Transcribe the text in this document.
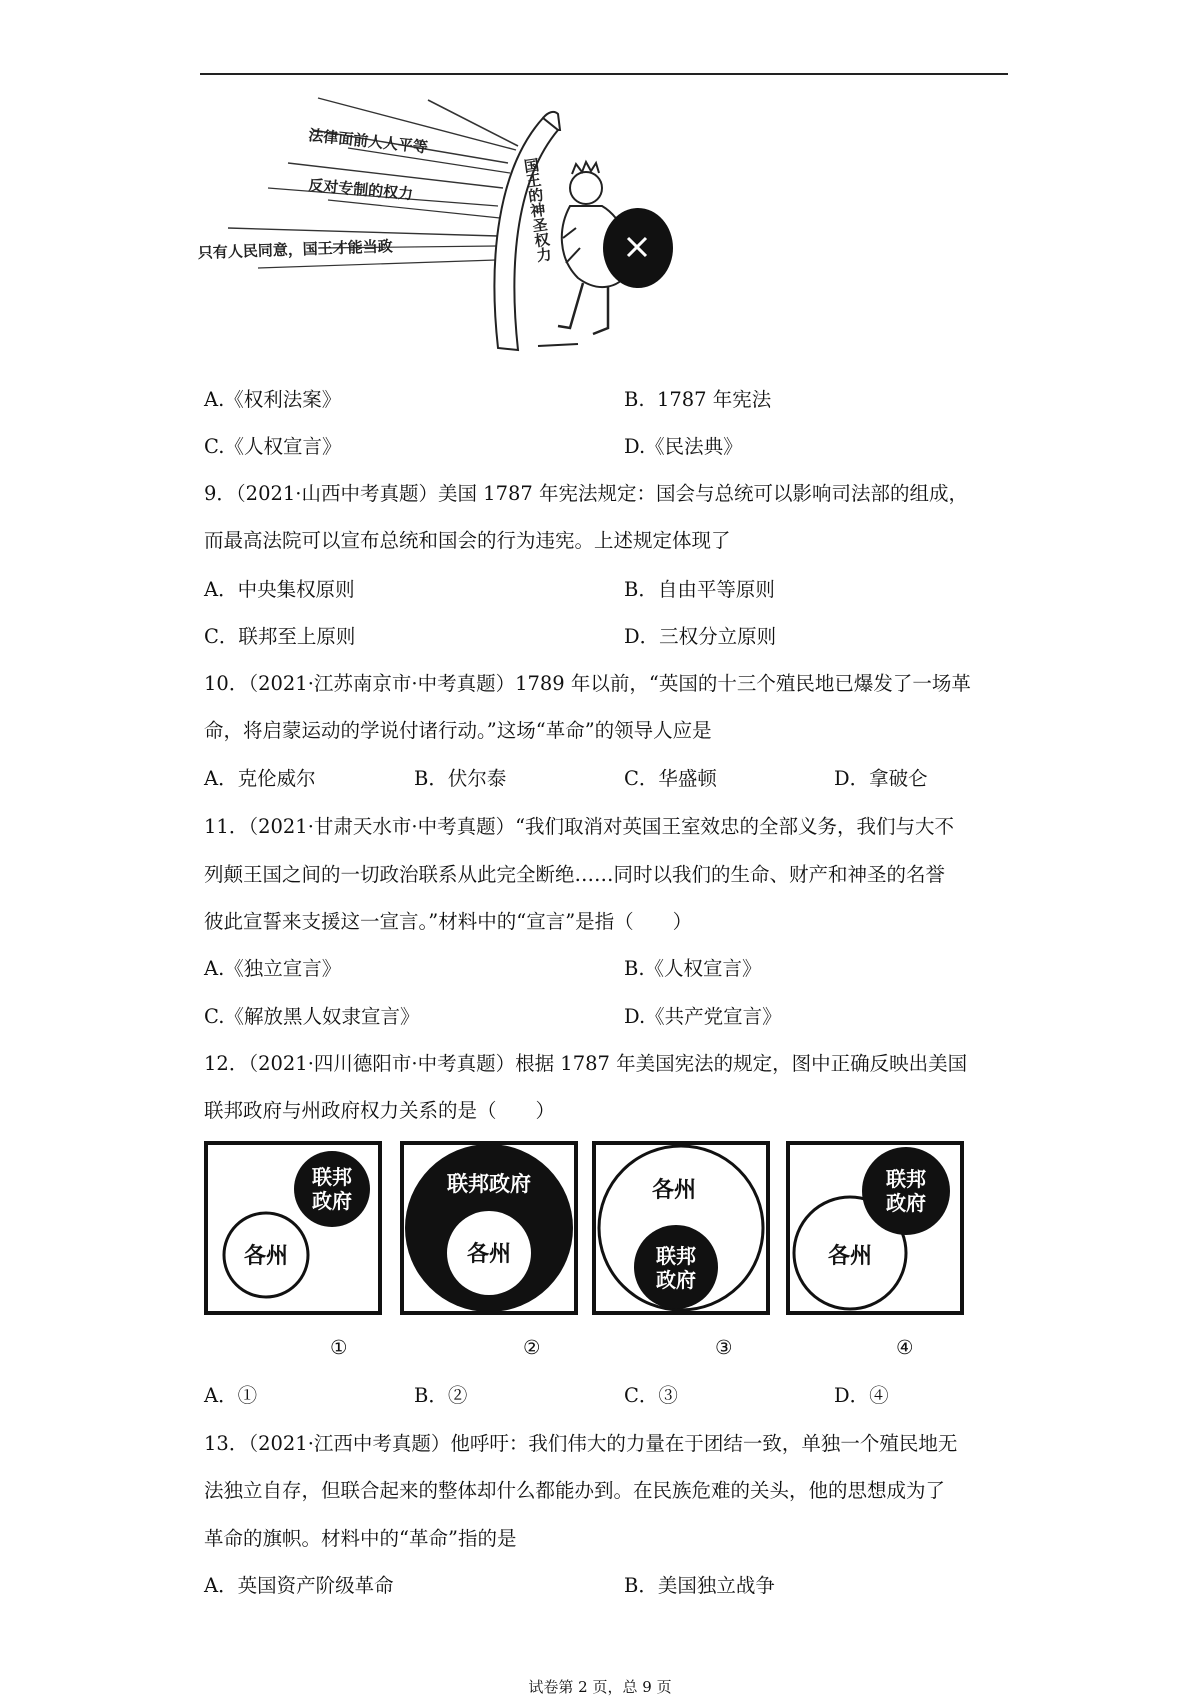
法律面前人人平等
反对专制的权力
只有人民同意，国王才能当政	国王的神圣权力
A.《权利法案》	B. 1787 年宪法
C.《人权宣言》	D.《民法典》
9．（2021·山西中考真题）美国 1787 年宪法规定：国会与总统可以影响司法部的组成，
而最高法院可以宣布总统和国会的行为违宪。上述规定体现了
A．中央集权原则	B．自由平等原则
C．联邦至上原则	D．三权分立原则
10．（2021·江苏南京市·中考真题）1789 年以前，“英国的十三个殖民地已爆发了一场革
命，将启蒙运动的学说付诸行动。”这场“革命”的领导人应是
A．克伦威尔	B．伏尔泰	C．华盛顿	D．拿破仑
11．（2021·甘肃天水市·中考真题）“我们取消对英国王室效忠的全部义务，我们与大不
列颠王国之间的一切政治联系从此完全断绝……同时以我们的生命、财产和神圣的名誉
彼此宣誓来支援这一宣言。”材料中的“宣言”是指（　　）
A.《独立宣言》	B.《人权宣言》
C.《解放黑人奴隶宣言》	D.《共产党宣言》
12．（2021·四川德阳市·中考真题）根据 1787 年美国宪法的规定，图中正确反映出美国
联邦政府与州政府权力关系的是（　　）
联邦
政府
各州
联邦政府
各州
各州
联邦
政府
联邦
政府
各州
①	②	③	④
A．①	B．②	C．③	D．④
13．（2021·江西中考真题）他呼吁：我们伟大的力量在于团结一致，单独一个殖民地无
法独立自存，但联合起来的整体却什么都能办到。在民族危难的关头，他的思想成为了
革命的旗帜。材料中的“革命”指的是
A．英国资产阶级革命	B．美国独立战争
试卷第 2 页，总 9 页
